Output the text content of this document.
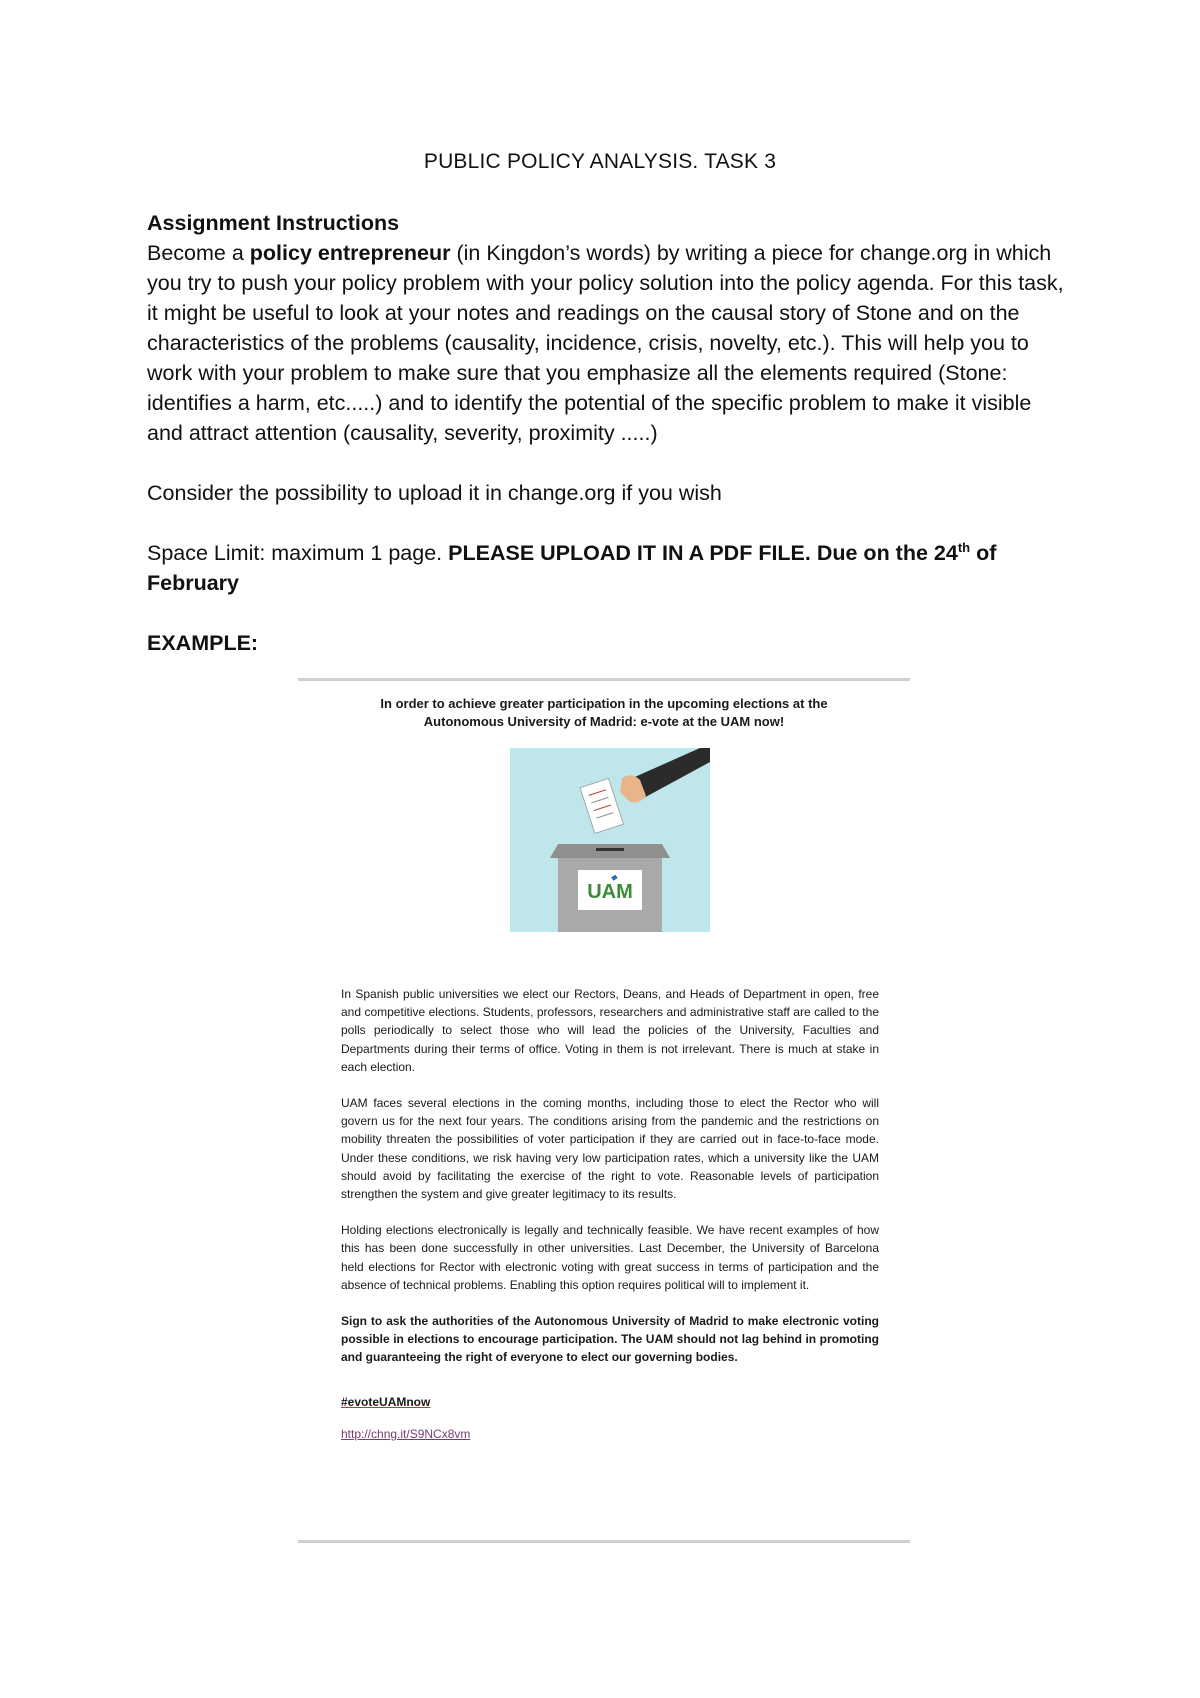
PUBLIC POLICY ANALYSIS. TASK 3

Assignment Instructions

Become a policy entrepreneur (in Kingdon’s words) by writing a piece for change.org in which you try to push your policy problem with your policy solution into the policy agenda. For this task, it might be useful to look at your notes and readings on the causal story of Stone and on the characteristics of the problems (causality, incidence, crisis, novelty, etc.). This will help you to work with your problem to make sure that you emphasize all the elements required (Stone: identifies a harm, etc.....) and to identify the potential of the specific problem to make it visible and attract attention (causality, severity, proximity .....)

Consider the possibility to upload it in change.org if you wish

Space Limit: maximum 1 page. PLEASE UPLOAD IT IN A PDF FILE. Due on the 24th of February

EXAMPLE:

In order to achieve greater participation in the upcoming elections at the
Autonomous University of Madrid: e-vote at the UAM now!
UAM

In Spanish public universities we elect our Rectors, Deans, and Heads of Department in open, free and competitive elections. Students, professors, researchers and administrative staff are called to the polls periodically to select those who will lead the policies of the University, Faculties and Departments during their terms of office. Voting in them is not irrelevant. There is much at stake in each election.

UAM faces several elections in the coming months, including those to elect the Rector who will govern us for the next four years. The conditions arising from the pandemic and the restrictions on mobility threaten the possibilities of voter participation if they are carried out in face-to-face mode. Under these conditions, we risk having very low participation rates, which a university like the UAM should avoid by facilitating the exercise of the right to vote. Reasonable levels of participation strengthen the system and give greater legitimacy to its results.

Holding elections electronically is legally and technically feasible. We have recent examples of how this has been done successfully in other universities. Last December, the University of Barcelona held elections for Rector with electronic voting with great success in terms of participation and the absence of technical problems. Enabling this option requires political will to implement it.

Sign to ask the authorities of the Autonomous University of Madrid to make electronic voting possible in elections to encourage participation. The UAM should not lag behind in promoting and guaranteeing the right of everyone to elect our governing bodies.

#evoteUAMnow

http://chng.it/S9NCx8vm
